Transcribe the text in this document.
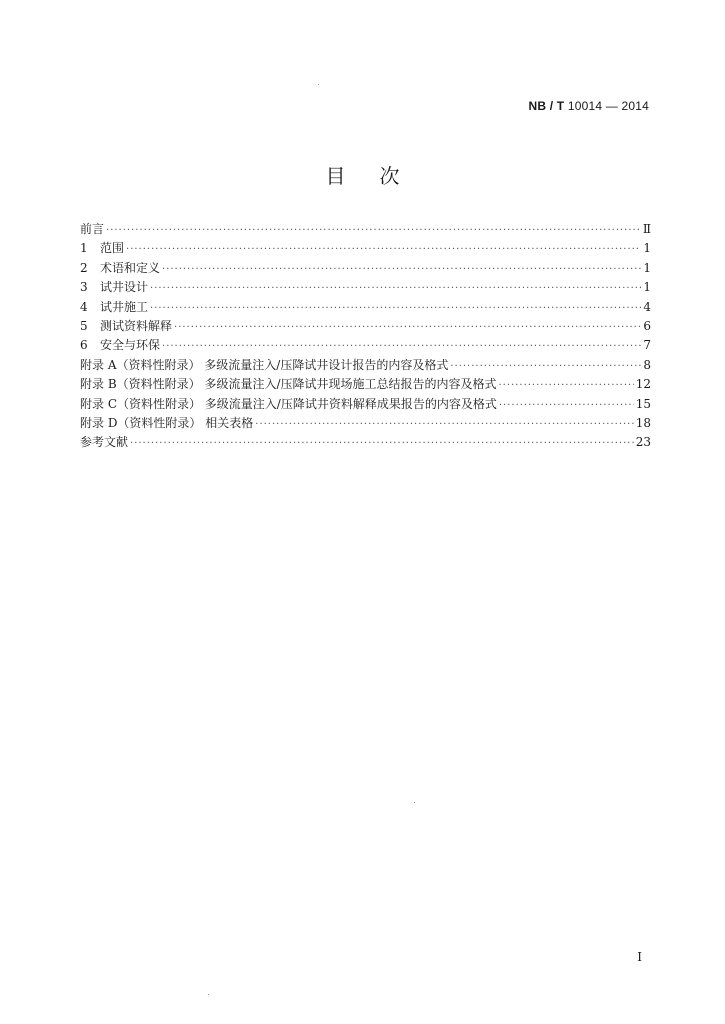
NB / T 10014 — 2014
目次
前言 ·····	Ⅱ
1	范围 ·····	1
2	术语和定义 ·····	1
3	试井设计 ·····	1
4	试井施工 ·····	4
5	测试资料解释 ·····	6
6	安全与环保 ·····	7
附录 A（资料性附录） 多级流量注入/压降试井设计报告的内容及格式 ·····	8
附录 B（资料性附录） 多级流量注入/压降试井现场施工总结报告的内容及格式 ·····	12
附录 C（资料性附录） 多级流量注入/压降试井资料解释成果报告的内容及格式 ·····	15
附录 D（资料性附录） 相关表格 ·····	18
参考文献 ·····	23
I
